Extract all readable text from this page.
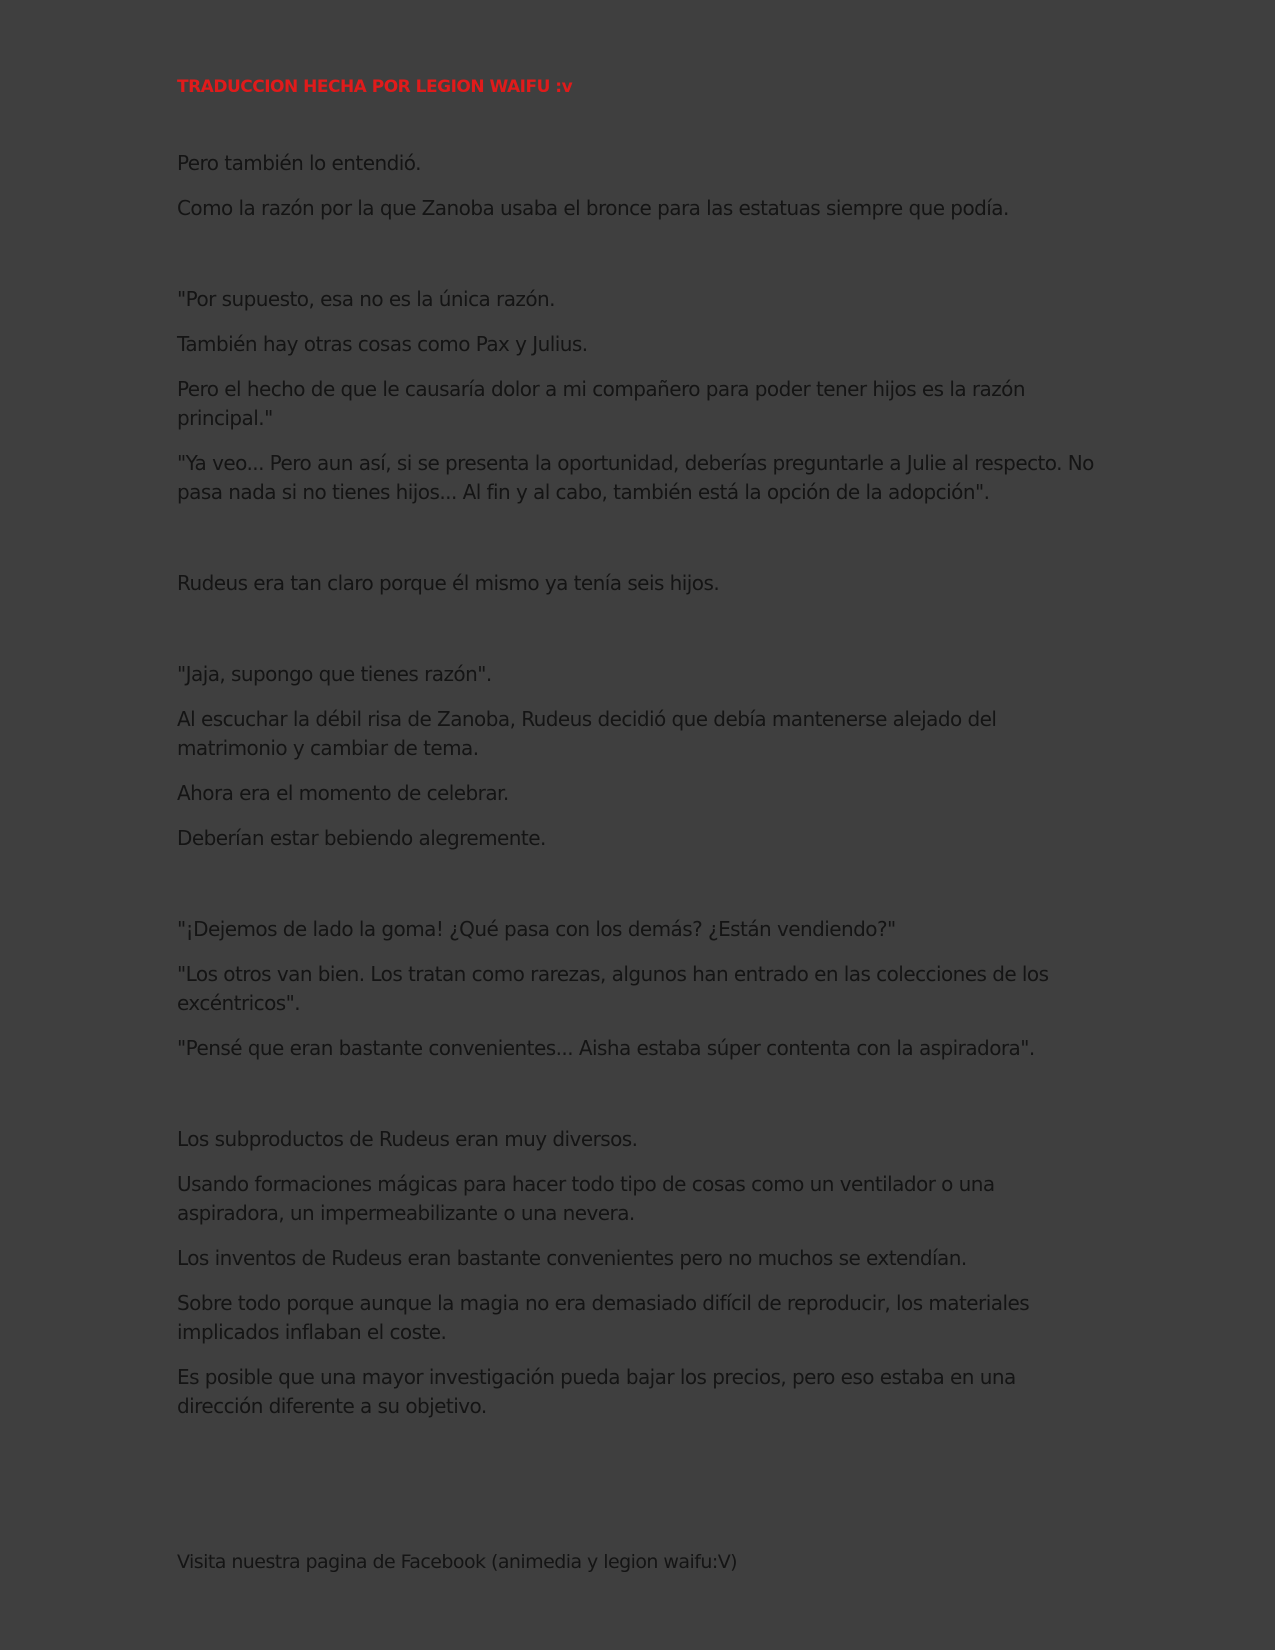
TRADUCCION HECHA POR LEGION WAIFU :v

Pero también lo entendió.

Como la razón por la que Zanoba usaba el bronce para las estatuas siempre que podía.

"Por supuesto, esa no es la única razón.

También hay otras cosas como Pax y Julius.

Pero el hecho de que le causaría dolor a mi compañero para poder tener hijos es la razón principal."

"Ya veo... Pero aun así, si se presenta la oportunidad, deberías preguntarle a Julie al respecto. No pasa nada si no tienes hijos... Al fin y al cabo, también está la opción de la adopción".

Rudeus era tan claro porque él mismo ya tenía seis hijos.

"Jaja, supongo que tienes razón".

Al escuchar la débil risa de Zanoba, Rudeus decidió que debía mantenerse alejado del matrimonio y cambiar de tema.

Ahora era el momento de celebrar.

Deberían estar bebiendo alegremente.

"¡Dejemos de lado la goma! ¿Qué pasa con los demás? ¿Están vendiendo?"

"Los otros van bien. Los tratan como rarezas, algunos han entrado en las colecciones de los excéntricos".

"Pensé que eran bastante convenientes... Aisha estaba súper contenta con la aspiradora".

Los subproductos de Rudeus eran muy diversos.

Usando formaciones mágicas para hacer todo tipo de cosas como un ventilador o una aspiradora, un impermeabilizante o una nevera.

Los inventos de Rudeus eran bastante convenientes pero no muchos se extendían.

Sobre todo porque aunque la magia no era demasiado difícil de reproducir, los materiales implicados inflaban el coste.

Es posible que una mayor investigación pueda bajar los precios, pero eso estaba en una dirección diferente a su objetivo.

Visita nuestra pagina de Facebook (animedia y legion waifu:V)
